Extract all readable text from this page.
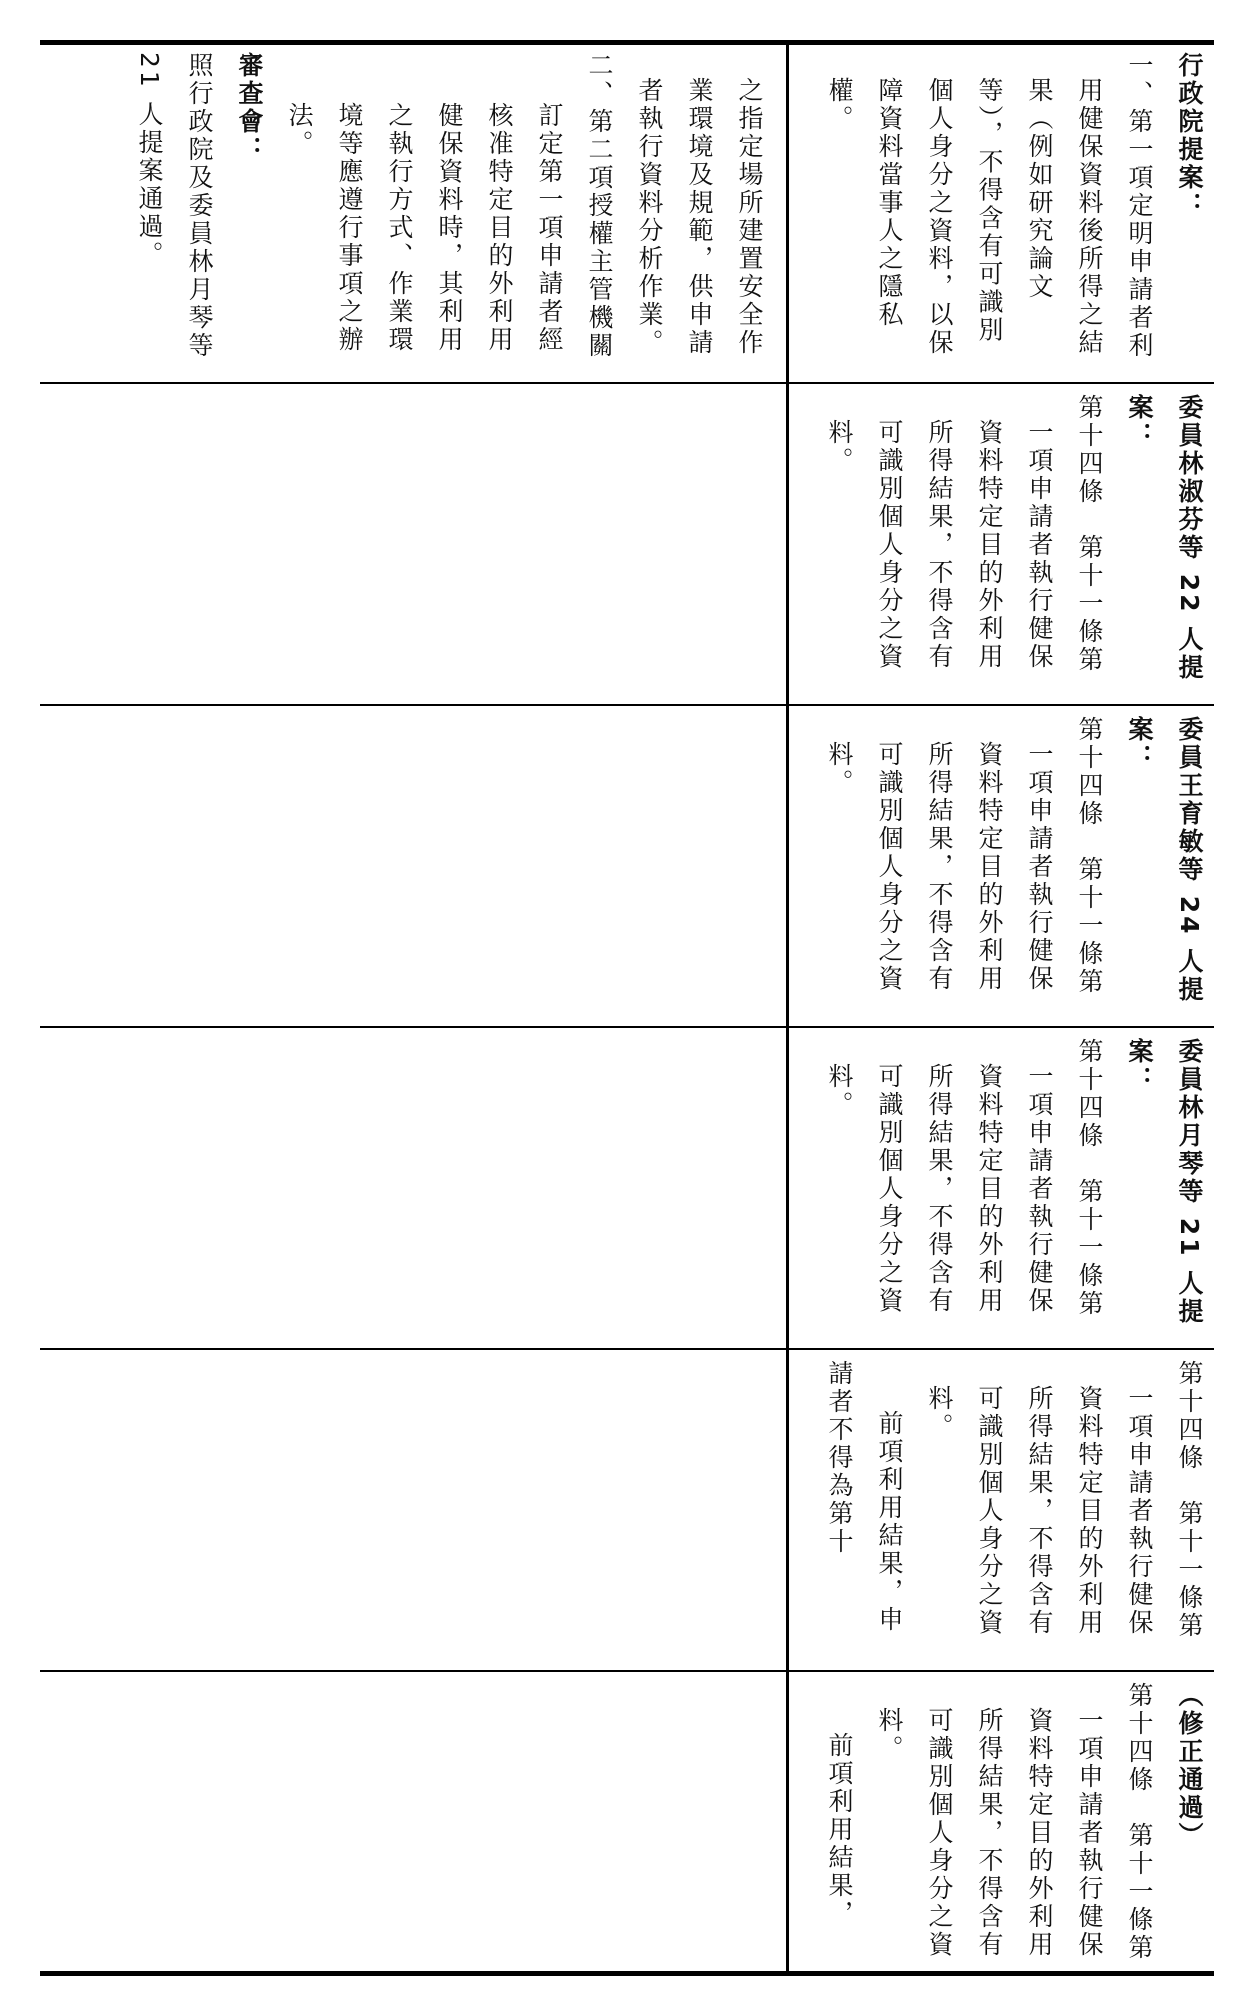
行政院提案：

一、第一項定明申請者利用健保資料後所得之結果（例如研究論文等），不得含有可識別個人身分之資料，以保障資料當事人之隱私權。

委員林淑芬等 22 人提案：

第十四條　第十一條第一項申請者執行健保資料特定目的外利用所得結果，不得含有可識別個人身分之資料。

委員王育敏等 24 人提案：

第十四條　第十一條第一項申請者執行健保資料特定目的外利用所得結果，不得含有可識別個人身分之資料。

委員林月琴等 21 人提案：

第十四條　第十一條第一項申請者執行健保資料特定目的外利用所得結果，不得含有可識別個人身分之資料。

第十四條　第十一條第一項申請者執行健保資料特定目的外利用所得結果，不得含有可識別個人身分之資料。

前項利用結果，申請者不得為第十

（修正通過）

第十四條　第十一條第一項申請者執行健保資料特定目的外利用所得結果，不得含有可識別個人身分之資料。

前項利用結果，

之指定場所建置安全作業環境及規範，供申請者執行資料分析作業。

二、第二項授權主管機關訂定第一項申請者經核准特定目的外利用健保資料時，其利用之執行方式、作業環境等應遵行事項之辦法。

審查會：

照行政院及委員林月琴等 21 人提案通過。
